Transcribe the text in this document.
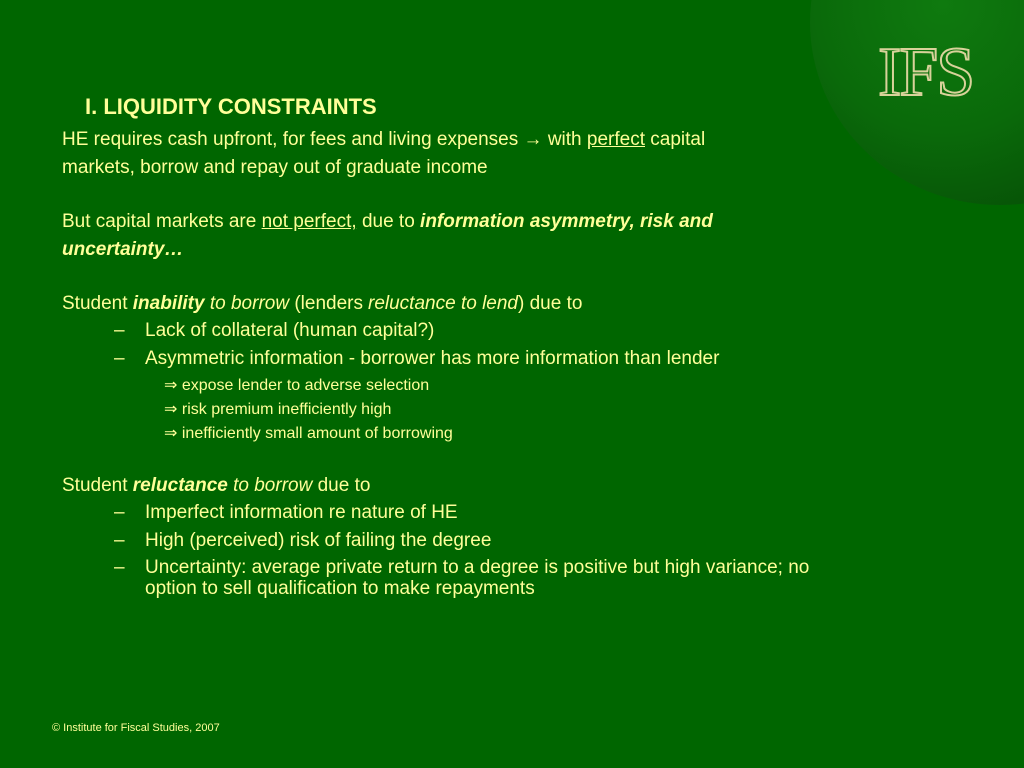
IFS
I. LIQUIDITY CONSTRAINTS
HE requires cash upfront, for fees and living expenses → with perfect capital
markets, borrow and repay out of graduate income
But capital markets are not perfect, due to information asymmetry, risk and
uncertainty…
Student inability to borrow (lenders reluctance to lend) due to
– Lack of collateral (human capital?)
– Asymmetric information - borrower has more information than lender
⇒ expose lender to adverse selection
⇒ risk premium inefficiently high
⇒ inefficiently small amount of borrowing
Student reluctance to borrow due to
– Imperfect information re nature of HE
– High (perceived) risk of failing the degree
– Uncertainty: average private return to a degree is positive but high variance; no
option to sell qualification to make repayments
© Institute for Fiscal Studies, 2007
